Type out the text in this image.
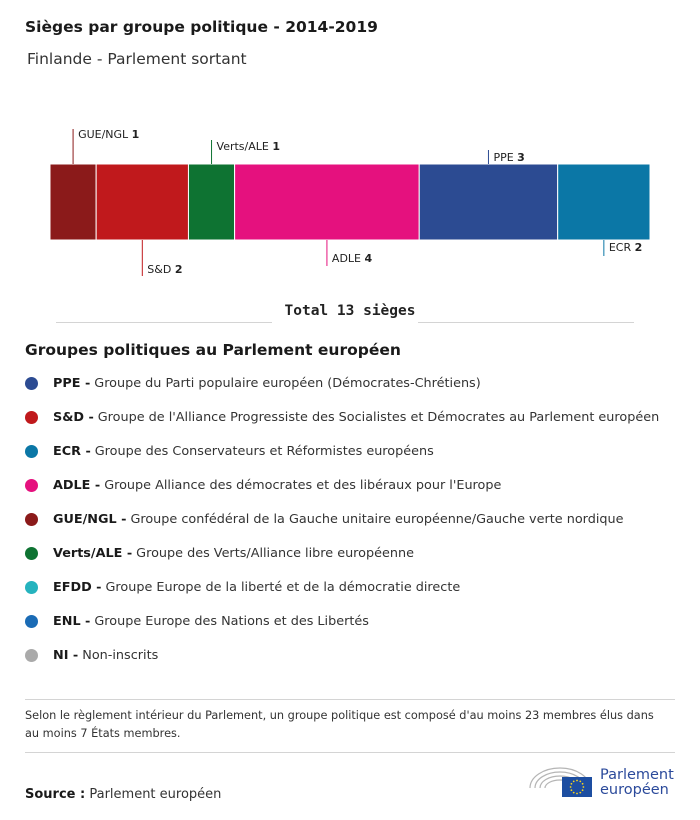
Sièges par groupe politique - 2014-2019
Finlande - Parlement sortant
GUE/NGL 1
S&D 2
Verts/ALE 1
ADLE 4
PPE 3
ECR 2
Total 13 sièges
Groupes politiques au Parlement européen
PPE - Groupe du Parti populaire européen (Démocrates-Chrétiens)
S&D - Groupe de l'Alliance Progressiste des Socialistes et Démocrates au Parlement européen
ECR - Groupe des Conservateurs et Réformistes européens
ADLE - Groupe Alliance des démocrates et des libéraux pour l'Europe
GUE/NGL - Groupe confédéral de la Gauche unitaire européenne/Gauche verte nordique
Verts/ALE - Groupe des Verts/Alliance libre européenne
EFDD - Groupe Europe de la liberté et de la démocratie directe
ENL - Groupe Europe des Nations et des Libertés
NI - Non-inscrits
Selon le règlement intérieur du Parlement, un groupe politique est composé d'au moins 23 membres élus dans au moins 7 États membres.
Source : Parlement européen
Parlement
européen
